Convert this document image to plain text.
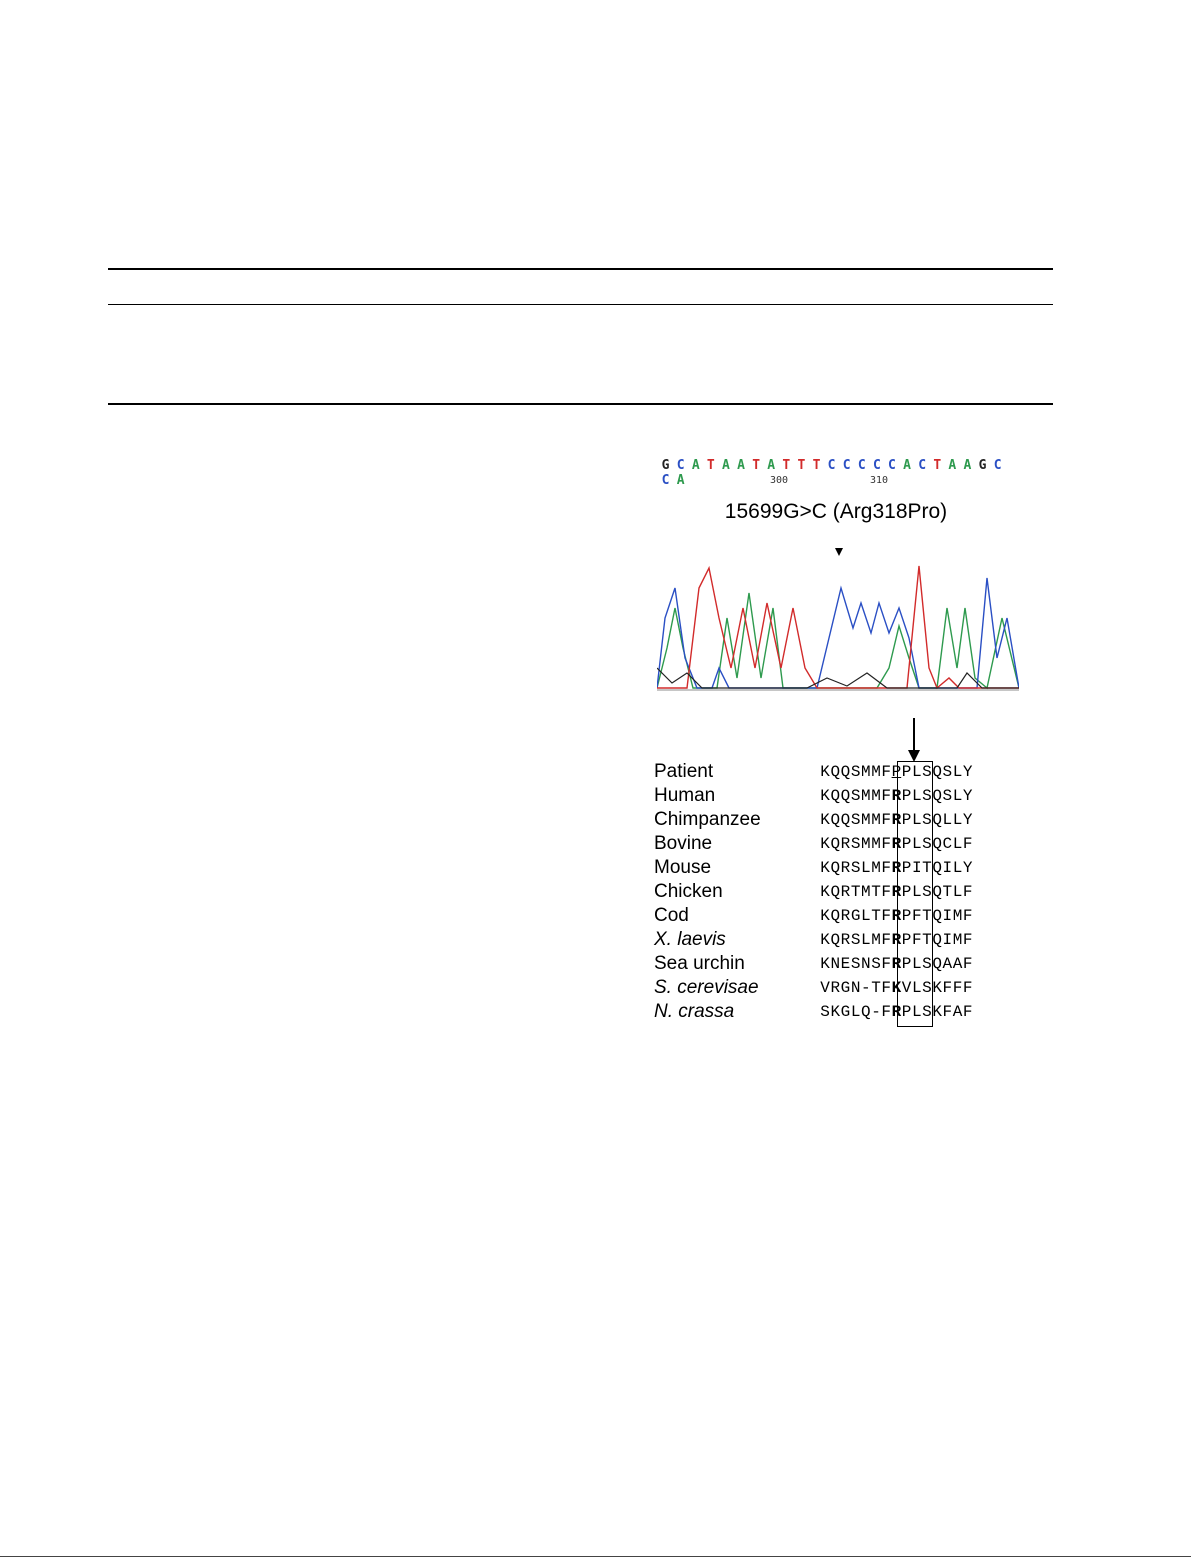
G C A T A A T A T T T C C C C C A C T A A G CC A	300	310
15699G>C (Arg318Pro)
Patient
Human
Chimpanzee
Bovine
Mouse
Chicken
Cod
X. laevis
Sea urchin
S. cerevisae
N. crassa
KQQSMMFPPLSQSLY
KQQSMMFRPLSQSLY
KQQSMMFRPLSQLLY
KQRSMMFRPLSQCLF
KQRSLMFRPITQILY
KQRTMTFRPLSQTLF
KQRGLTFRPFTQIMF
KQRSLMFRPFTQIMF
KNESNSFRPLSQAAF
VRGN-TFKVLSKFFF
SKGLQ-FRPLSKFAF
